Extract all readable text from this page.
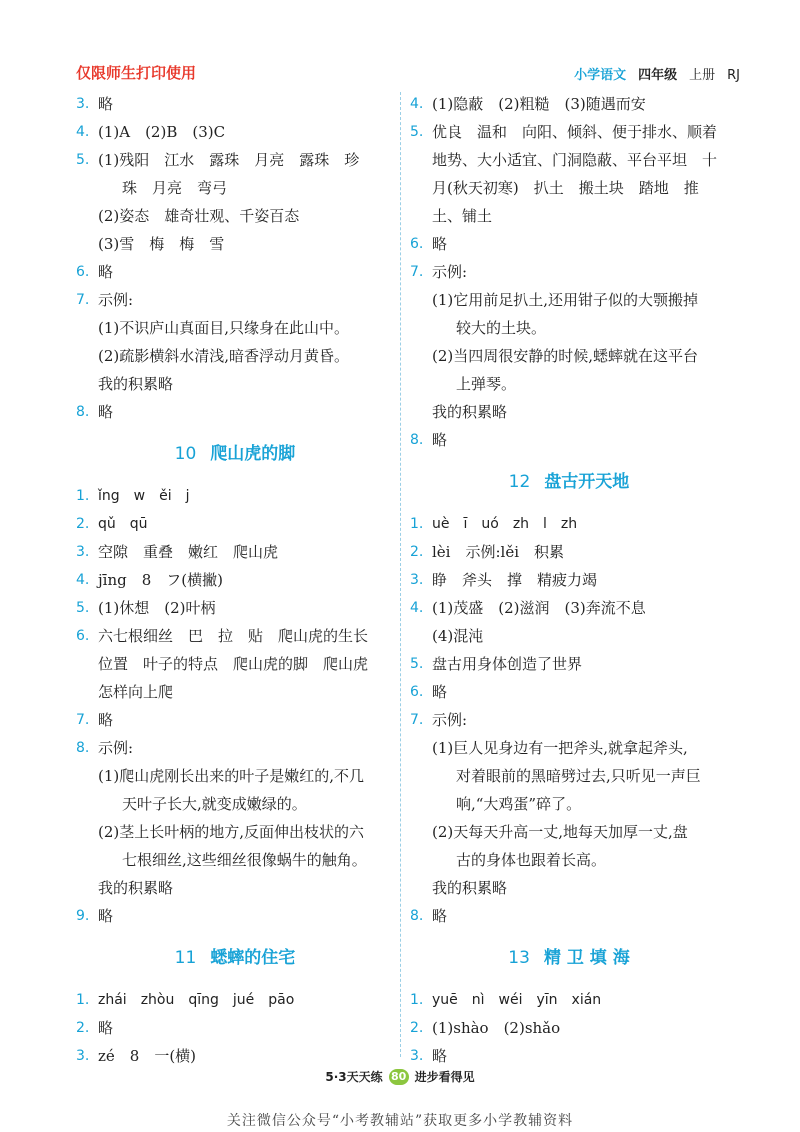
仅限师生打印使用	小学语文 四年级 上册 RJ
3. 略
4. (1)A　(2)B　(3)C
5. (1)残阳　江水　露珠　月亮　露珠　珍
珠　月亮　弯弓
(2)姿态　雄奇壮观、千姿百态
(3)雪　梅　梅　雪
6. 略
7. 示例:
(1)不识庐山真面目,只缘身在此山中。
(2)疏影横斜水清浅,暗香浮动月黄昏。
我的积累略
8. 略
10 爬山虎的脚
1. ǐng　w　ěi　j
2. qǔ　qū
3. 空隙　重叠　嫩红　爬山虎
4. jīng　8　フ(横撇)
5. (1)休想　(2)叶柄
6. 六七根细丝　巴　拉　贴　爬山虎的生长
位置　叶子的特点　爬山虎的脚　爬山虎
怎样向上爬
7. 略
8. 示例:
(1)爬山虎刚长出来的叶子是嫩红的,不几
天叶子长大,就变成嫩绿的。
(2)茎上长叶柄的地方,反面伸出枝状的六
七根细丝,这些细丝很像蜗牛的触角。
我的积累略
9. 略
11 蟋蟀的住宅
1. zhái　zhòu　qīng　jué　pāo
2. 略
3. zé　8　一(横)
4. (1)隐蔽　(2)粗糙　(3)随遇而安
5. 优良　温和　向阳、倾斜、便于排水、顺着
地势、大小适宜、门洞隐蔽、平台平坦　十
月(秋天初寒)　扒土　搬土块　踏地　推
土、铺土
6. 略
7. 示例:
(1)它用前足扒土,还用钳子似的大颚搬掉
较大的土块。
(2)当四周很安静的时候,蟋蟀就在这平台
上弹琴。
我的积累略
8. 略
12 盘古开天地
1. uè　ī　uó　zh　l　zh
2. lèi　示例:lěi　积累
3. 睁　斧头　撑　精疲力竭
4. (1)茂盛　(2)滋润　(3)奔流不息
(4)混沌
5. 盘古用身体创造了世界
6. 略
7. 示例:
(1)巨人见身边有一把斧头,就拿起斧头,
对着眼前的黑暗劈过去,只听见一声巨
响,“大鸡蛋”碎了。
(2)天每天升高一丈,地每天加厚一丈,盘
古的身体也跟着长高。
我的积累略
8. 略
13 精 卫 填 海
1. yuē　nì　wéi　yīn　xián
2. (1)shào　(2)shǎo
3. 略
5·3天天练 80 进步看得见
关注微信公众号“小考教辅站”获取更多小学教辅资料
